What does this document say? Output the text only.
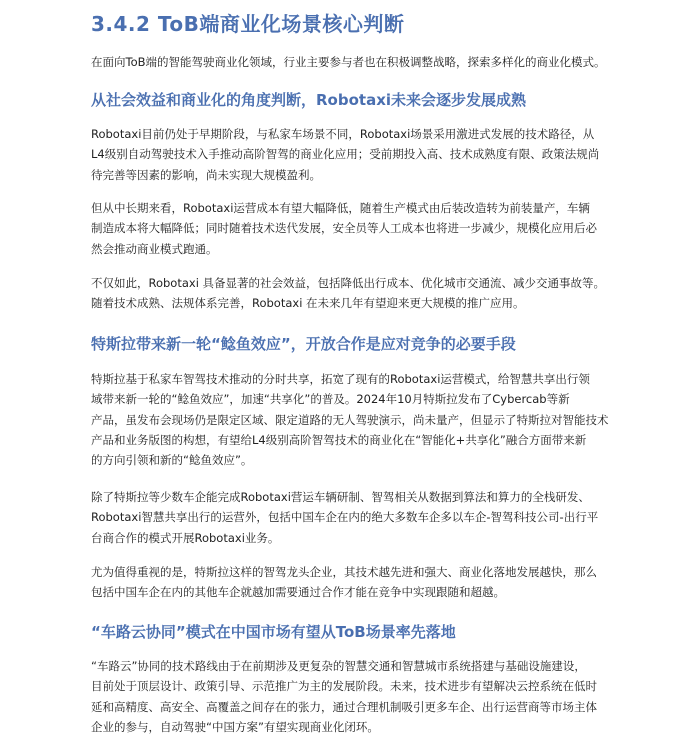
3.4.2 ToB端商业化场景核心判断
在面向ToB端的智能驾驶商业化领域，行业主要参与者也在积极调整战略，探索多样化的商业化模式。
从社会效益和商业化的角度判断，Robotaxi未来会逐步发展成熟
Robotaxi目前仍处于早期阶段，与私家车场景不同，Robotaxi场景采用激进式发展的技术路径，从
L4级别自动驾驶技术入手推动高阶智驾的商业化应用；受前期投入高、技术成熟度有限、政策法规尚
待完善等因素的影响，尚未实现大规模盈利。
但从中长期来看，Robotaxi运营成本有望大幅降低，随着生产模式由后装改造转为前装量产，车辆
制造成本将大幅降低；同时随着技术迭代发展，安全员等人工成本也将进一步减少，规模化应用后必
然会推动商业模式跑通。
不仅如此，Robotaxi 具备显著的社会效益，包括降低出行成本、优化城市交通流、减少交通事故等。
随着技术成熟、法规体系完善，Robotaxi 在未来几年有望迎来更大规模的推广应用。
特斯拉带来新一轮“鲶鱼效应”，开放合作是应对竞争的必要手段
特斯拉基于私家车智驾技术推动的分时共享，拓宽了现有的Robotaxi运营模式，给智慧共享出行领
域带来新一轮的“鲶鱼效应”，加速“共享化”的普及。2024年10月特斯拉发布了Cybercab等新
产品，虽发布会现场仍是限定区域、限定道路的无人驾驶演示，尚未量产，但显示了特斯拉对智能技术
产品和业务版图的构想，有望给L4级别高阶智驾技术的商业化在“智能化+共享化”融合方面带来新
的方向引领和新的“鲶鱼效应”。
除了特斯拉等少数车企能完成Robotaxi营运车辆研制、智驾相关从数据到算法和算力的全栈研发、
Robotaxi智慧共享出行的运营外，包括中国车企在内的绝大多数车企多以车企-智驾科技公司-出行平
台商合作的模式开展Robotaxi业务。
尤为值得重视的是，特斯拉这样的智驾龙头企业，其技术越先进和强大、商业化落地发展越快，那么
包括中国车企在内的其他车企就越加需要通过合作才能在竞争中实现跟随和超越。
“车路云协同”模式在中国市场有望从ToB场景率先落地
“车路云”协同的技术路线由于在前期涉及更复杂的智慧交通和智慧城市系统搭建与基础设施建设，
目前处于顶层设计、政策引导、示范推广为主的发展阶段。未来，技术进步有望解决云控系统在低时
延和高精度、高安全、高覆盖之间存在的张力，通过合理机制吸引更多车企、出行运营商等市场主体
企业的参与，自动驾驶“中国方案”有望实现商业化闭环。
